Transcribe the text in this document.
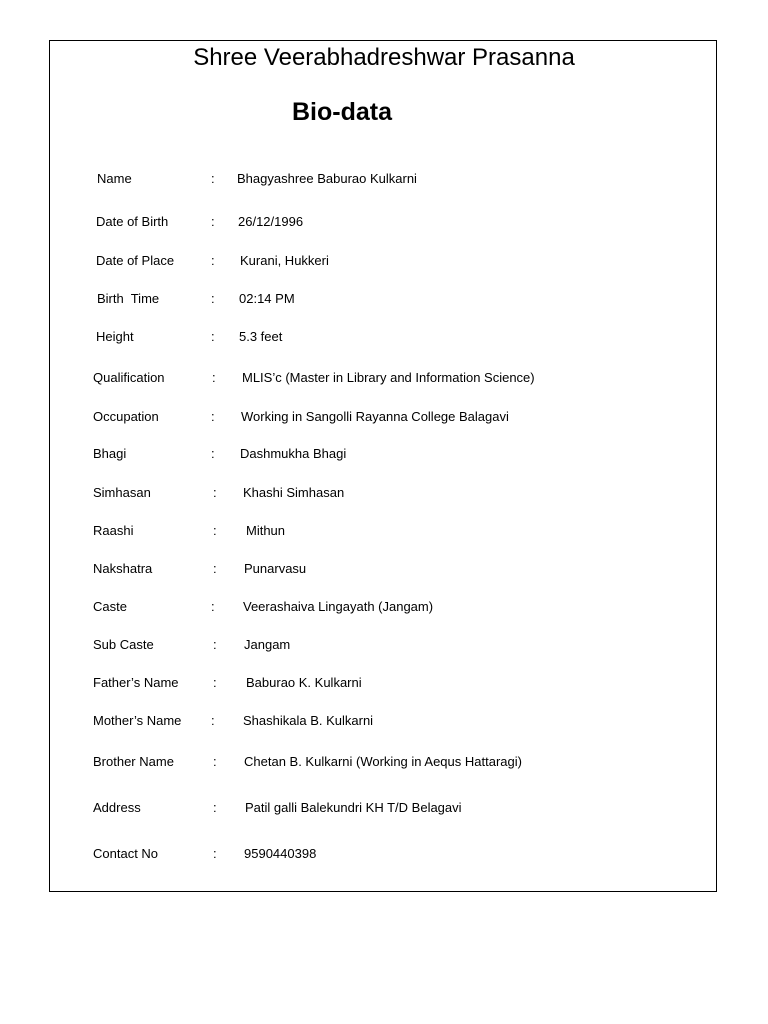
Shree Veerabhadreshwar Prasanna
Bio-data
Name	: Bhagyashree Baburao Kulkarni
Date of Birth	: 26/12/1996
Date of Place	: Kurani, Hukkeri
Birth  Time	: 02:14 PM
Height	: 5.3 feet
Qualification	: MLIS’c (Master in Library and Information Science)
Occupation	: Working in Sangolli Rayanna College Balagavi
Bhagi	: Dashmukha Bhagi
Simhasan	: Khashi Simhasan
Raashi	: Mithun
Nakshatra	: Punarvasu
Caste	: Veerashaiva Lingayath (Jangam)
Sub Caste	: Jangam
Father’s Name	: Baburao K. Kulkarni
Mother’s Name : Shashikala B. Kulkarni
Brother Name	: Chetan B. Kulkarni (Working in Aequs Hattaragi)
Address	: Patil galli Balekundri KH T/D Belagavi
Contact No	: 9590440398
